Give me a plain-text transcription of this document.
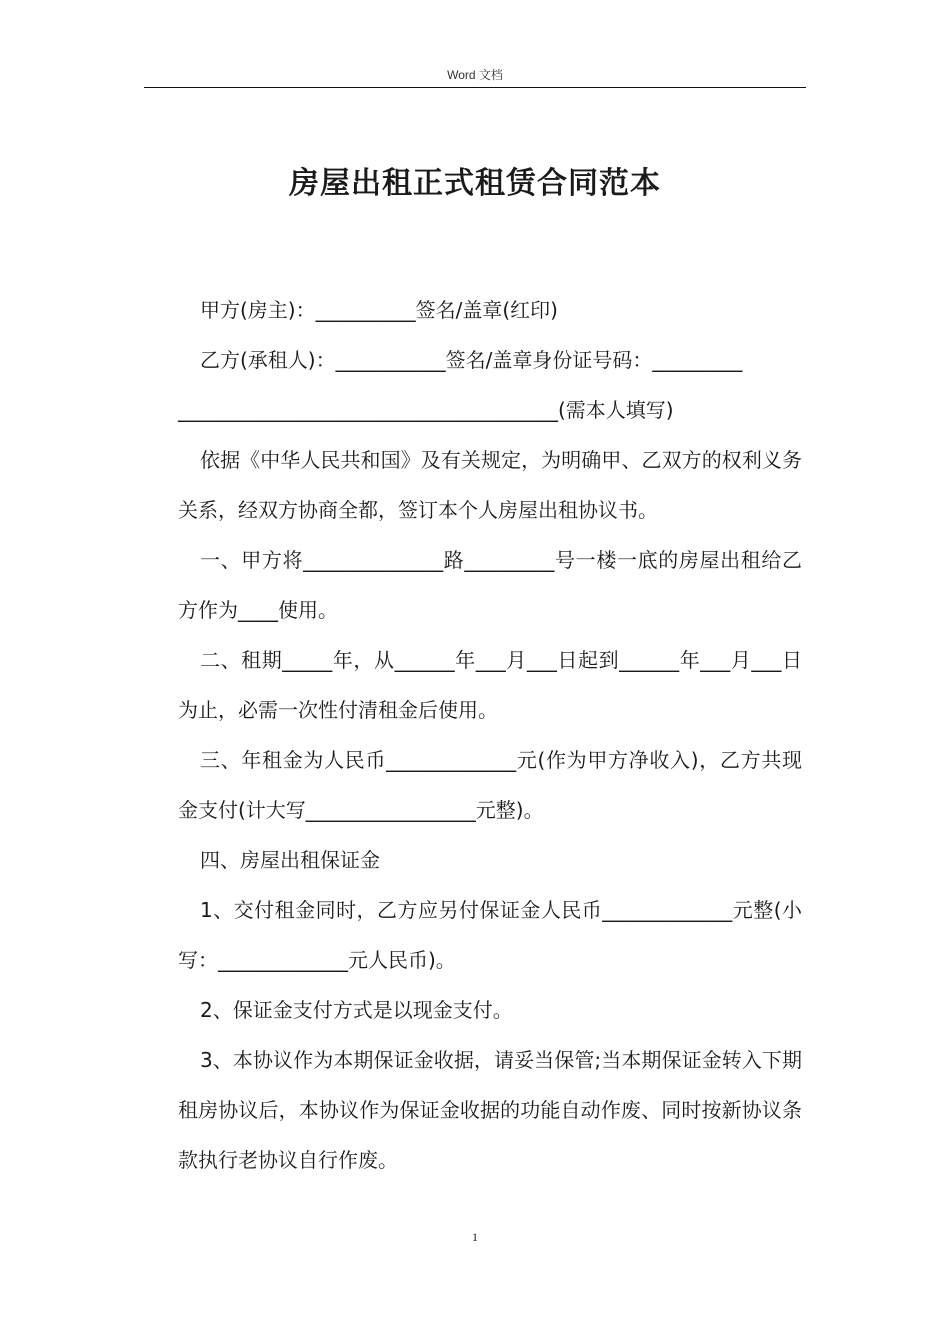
Word 文档
房屋出租正式租赁合同范本

甲方(房主)：__________签名/盖章(红印)

乙方(承租人)：___________签名/盖章身份证号码：_________

______________________________________(需本人填写)

依据《中华人民共和国》及有关规定，为明确甲、乙双方的权利义务关系，经双方协商全都，签订本个人房屋出租协议书。

一、甲方将______________路_________号一楼一底的房屋出租给乙方作为____使用。

二、租期_____年，从______年___月___日起到______年___月___日为止，必需一次性付清租金后使用。

三、年租金为人民币_____________元(作为甲方净收入)，乙方共现金支付(计大写_________________元整)。

四、房屋出租保证金

1、交付租金同时，乙方应另付保证金人民币_____________元整(小写：_____________元人民币)。

2、保证金支付方式是以现金支付。

3、本协议作为本期保证金收据，请妥当保管;当本期保证金转入下期租房协议后，本协议作为保证金收据的功能自动作废、同时按新协议条款执行老协议自行作废。

1
